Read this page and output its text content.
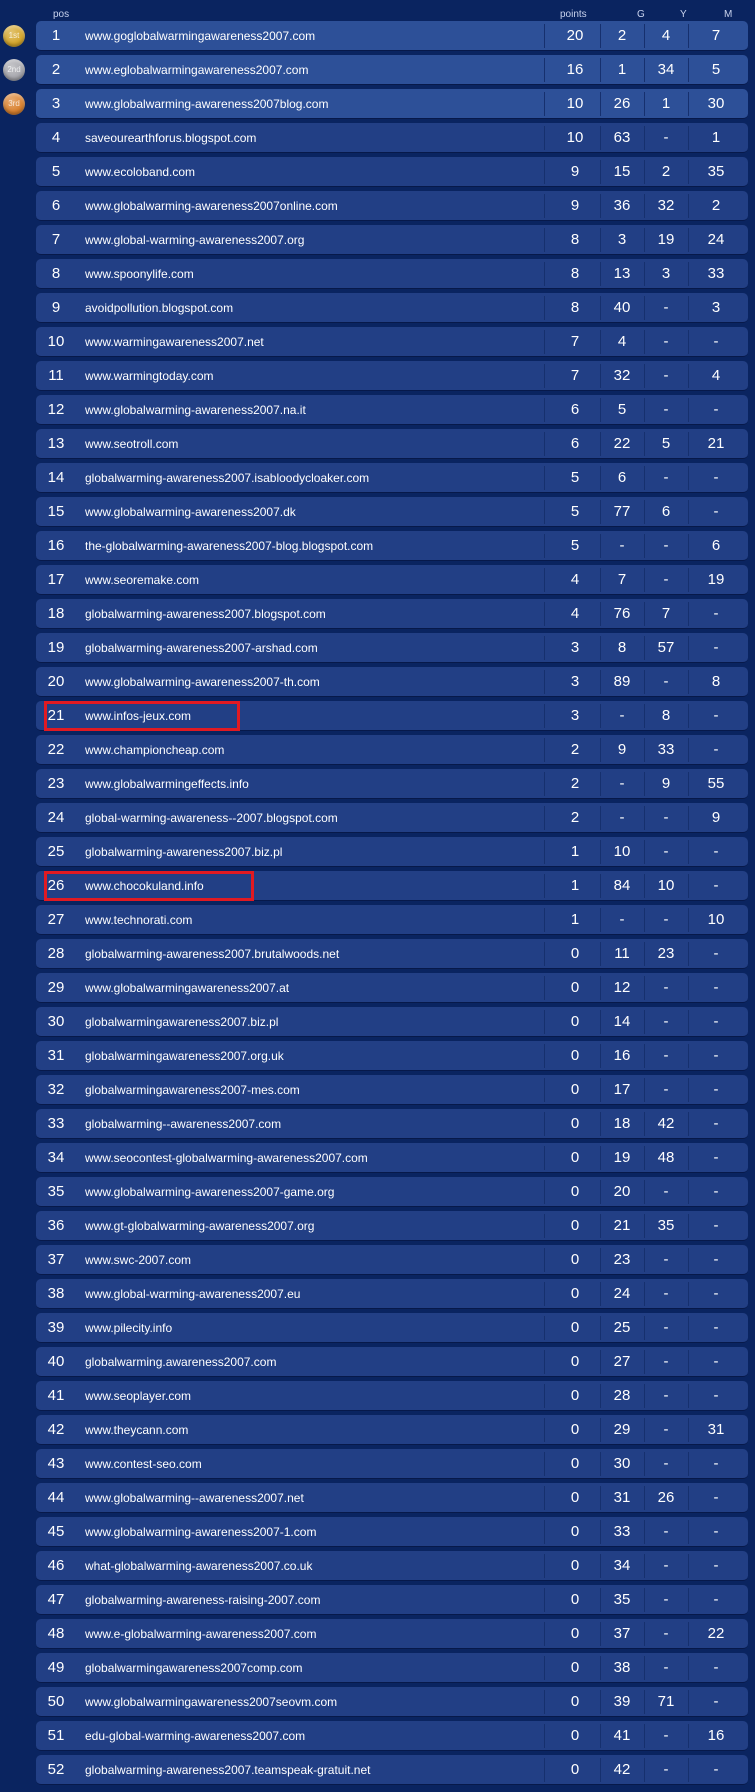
pos	points	G	Y	M
1st
2nd
3rd
1	www.goglobalwarmingawareness2007.com	20	2	4	7
2	www.eglobalwarmingawareness2007.com	16	1	34	5
3	www.globalwarming-awareness2007blog.com	10	26	1	30
4	saveourearthforus.blogspot.com	10	63	-	1
5	www.ecoloband.com	9	15	2	35
6	www.globalwarming-awareness2007online.com	9	36	32	2
7	www.global-warming-awareness2007.org	8	3	19	24
8	www.spoonylife.com	8	13	3	33
9	avoidpollution.blogspot.com	8	40	-	3
10	www.warmingawareness2007.net	7	4	-	-
11	www.warmingtoday.com	7	32	-	4
12	www.globalwarming-awareness2007.na.it	6	5	-	-
13	www.seotroll.com	6	22	5	21
14	globalwarming-awareness2007.isabloodycloaker.com	5	6	-	-
15	www.globalwarming-awareness2007.dk	5	77	6	-
16	the-globalwarming-awareness2007-blog.blogspot.com	5	-	-	6
17	www.seoremake.com	4	7	-	19
18	globalwarming-awareness2007.blogspot.com	4	76	7	-
19	globalwarming-awareness2007-arshad.com	3	8	57	-
20	www.globalwarming-awareness2007-th.com	3	89	-	8
21	www.infos-jeux.com	3	-	8	-
22	www.championcheap.com	2	9	33	-
23	www.globalwarmingeffects.info	2	-	9	55
24	global-warming-awareness--2007.blogspot.com	2	-	-	9
25	globalwarming-awareness2007.biz.pl	1	10	-	-
26	www.chocokuland.info	1	84	10	-
27	www.technorati.com	1	-	-	10
28	globalwarming-awareness2007.brutalwoods.net	0	11	23	-
29	www.globalwarmingawareness2007.at	0	12	-	-
30	globalwarmingawareness2007.biz.pl	0	14	-	-
31	globalwarmingawareness2007.org.uk	0	16	-	-
32	globalwarmingawareness2007-mes.com	0	17	-	-
33	globalwarming--awareness2007.com	0	18	42	-
34	www.seocontest-globalwarming-awareness2007.com	0	19	48	-
35	www.globalwarming-awareness2007-game.org	0	20	-	-
36	www.gt-globalwarming-awareness2007.org	0	21	35	-
37	www.swc-2007.com	0	23	-	-
38	www.global-warming-awareness2007.eu	0	24	-	-
39	www.pilecity.info	0	25	-	-
40	globalwarming.awareness2007.com	0	27	-	-
41	www.seoplayer.com	0	28	-	-
42	www.theycann.com	0	29	-	31
43	www.contest-seo.com	0	30	-	-
44	www.globalwarming--awareness2007.net	0	31	26	-
45	www.globalwarming-awareness2007-1.com	0	33	-	-
46	what-globalwarming-awareness2007.co.uk	0	34	-	-
47	globalwarming-awareness-raising-2007.com	0	35	-	-
48	www.e-globalwarming-awareness2007.com	0	37	-	22
49	globalwarmingawareness2007comp.com	0	38	-	-
50	www.globalwarmingawareness2007seovm.com	0	39	71	-
51	edu-global-warming-awareness2007.com	0	41	-	16
52	globalwarming-awareness2007.teamspeak-gratuit.net	0	42	-	-
